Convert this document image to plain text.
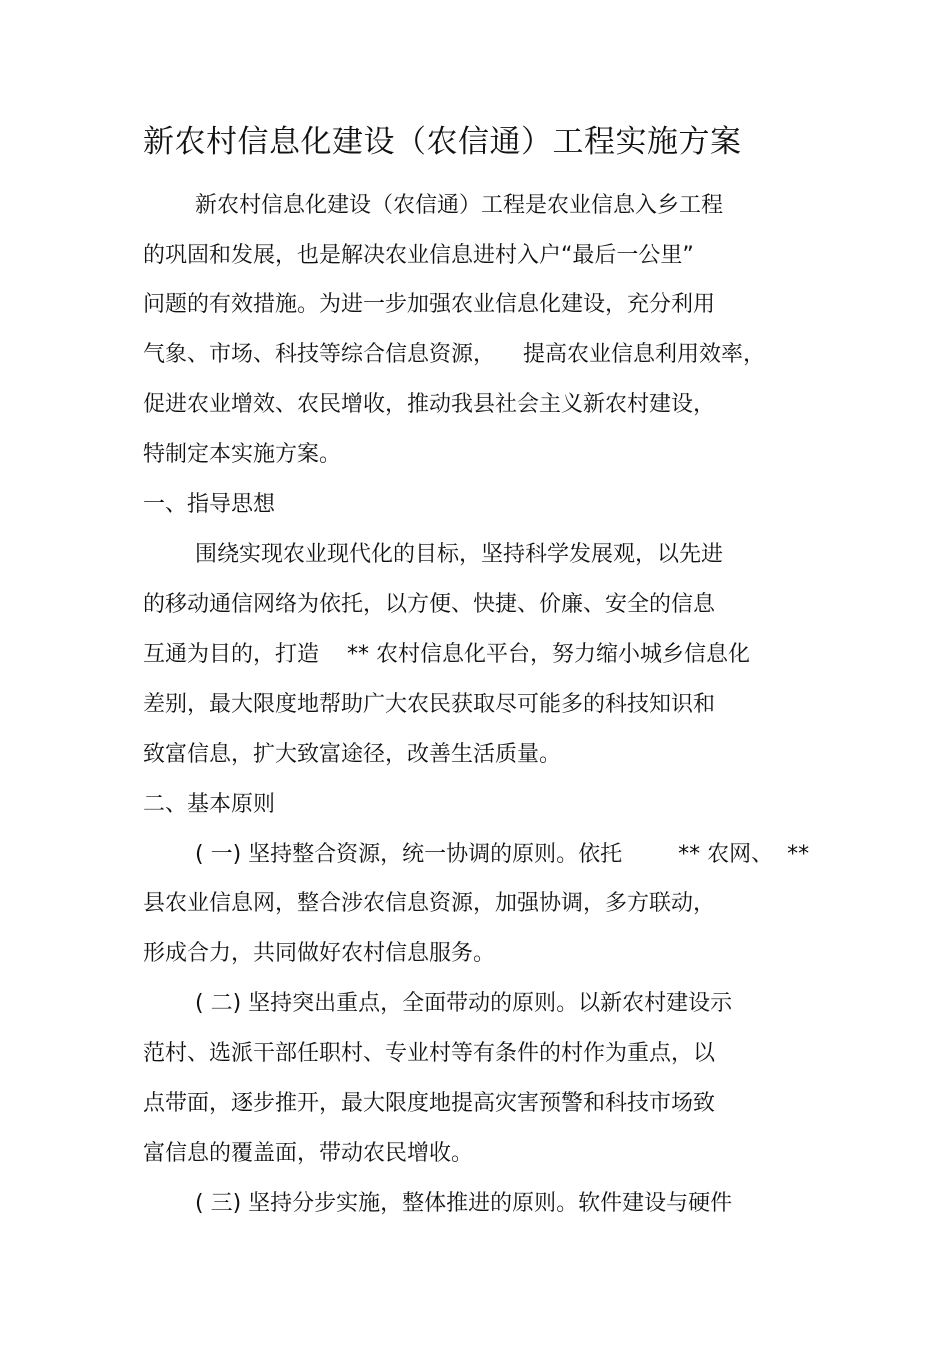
新农村信息化建设（农信通）工程实施方案
新农村信息化建设（农信通）工程是农业信息入乡工程
的巩固和发展，也是解决农业信息进村入户“最后一公里”
问题的有效措施。为进一步加强农业信息化建设，充分利用
气象、市场、科技等综合信息资源，    提高农业信息利用效率，
促进农业增效、农民增收，推动我县社会主义新农村建设，
特制定本实施方案。
一、指导思想
围绕实现农业现代化的目标，坚持科学发展观，以先进
的移动通信网络为依托，以方便、快捷、价廉、安全的信息
互通为目的，打造    ** 农村信息化平台，努力缩小城乡信息化
差别，最大限度地帮助广大农民获取尽可能多的科技知识和
致富信息，扩大致富途径，改善生活质量。
二、基本原则
( 一) 坚持整合资源，统一协调的原则。依托        ** 农网、  **
县农业信息网，整合涉农信息资源，加强协调，多方联动，
形成合力，共同做好农村信息服务。
( 二) 坚持突出重点，全面带动的原则。以新农村建设示
范村、选派干部任职村、专业村等有条件的村作为重点，以
点带面，逐步推开，最大限度地提高灾害预警和科技市场致
富信息的覆盖面，带动农民增收。
( 三) 坚持分步实施，整体推进的原则。软件建设与硬件
